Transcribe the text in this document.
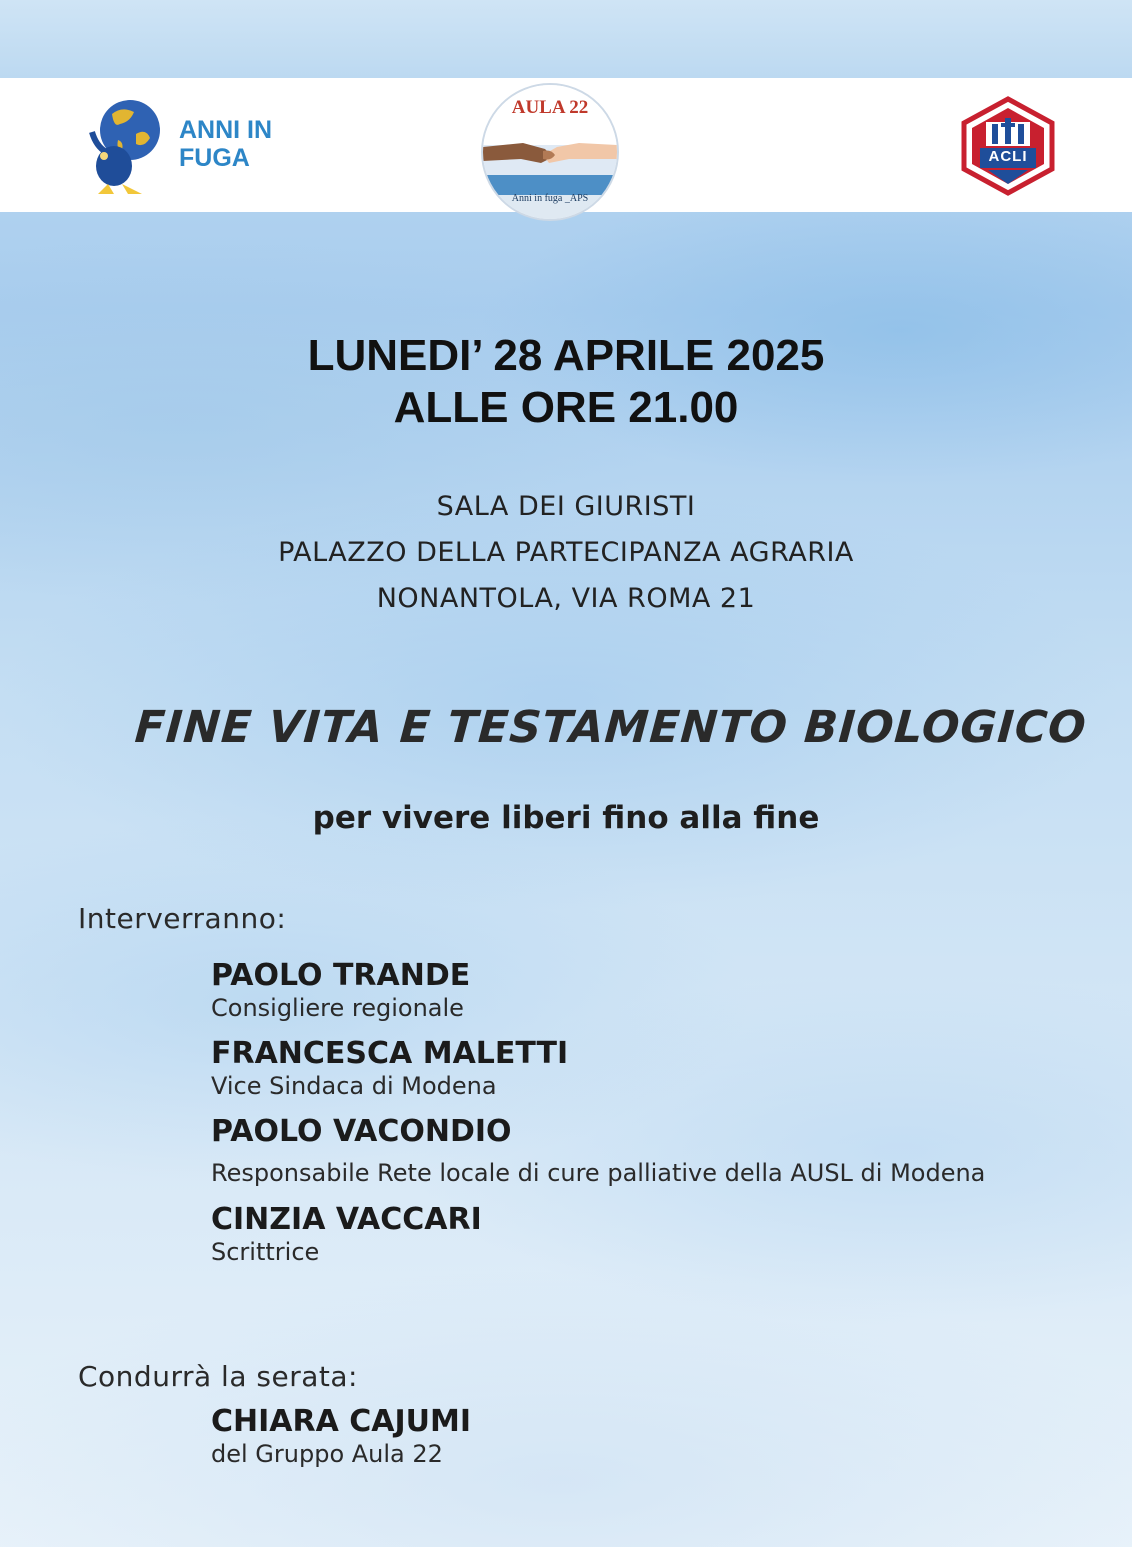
ANNI IN
FUGA
AULA 22
Anni in fuga _APS
ACLI
LUNEDI’ 28 APRILE 2025
ALLE ORE 21.00
SALA DEI GIURISTI
PALAZZO DELLA PARTECIPANZA AGRARIA
NONANTOLA, VIA ROMA 21
FINE VITA E TESTAMENTO BIOLOGICO
per vivere liberi fino alla fine
Interverranno:
PAOLO TRANDE
Consigliere regionale
FRANCESCA MALETTI
Vice Sindaca di Modena
PAOLO VACONDIO
Responsabile Rete locale di cure palliative della AUSL di Modena
CINZIA VACCARI
Scrittrice
Condurrà la serata:
CHIARA CAJUMI
del Gruppo Aula 22
